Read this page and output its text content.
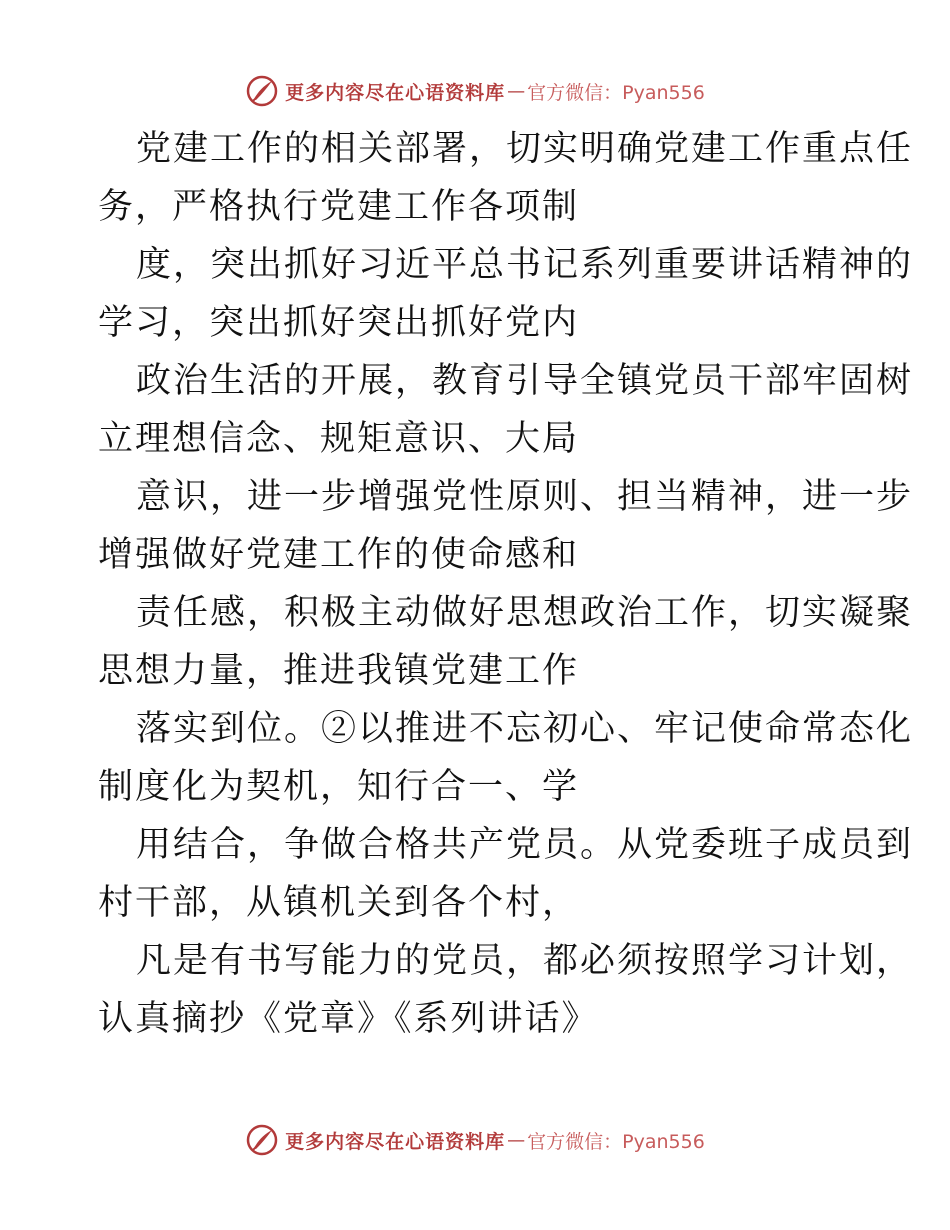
更多内容尽在心语资料库 — 官方微信：Pyan556
党建工作的相关部署，切实明确党建工作重点任
务，严格执行党建工作各项制
度，突出抓好习近平总书记系列重要讲话精神的
学习，突出抓好突出抓好党内
政治生活的开展，教育引导全镇党员干部牢固树
立理想信念、规矩意识、大局
意识，进一步增强党性原则、担当精神，进一步
增强做好党建工作的使命感和
责任感，积极主动做好思想政治工作，切实凝聚
思想力量，推进我镇党建工作
落实到位。②以推进不忘初心、牢记使命常态化
制度化为契机，知行合一、学
用结合，争做合格共产党员。从党委班子成员到
村干部，从镇机关到各个村，
凡是有书写能力的党员，都必须按照学习计划，
认真摘抄《党章》《系列讲话》
更多内容尽在心语资料库 — 官方微信：Pyan556
